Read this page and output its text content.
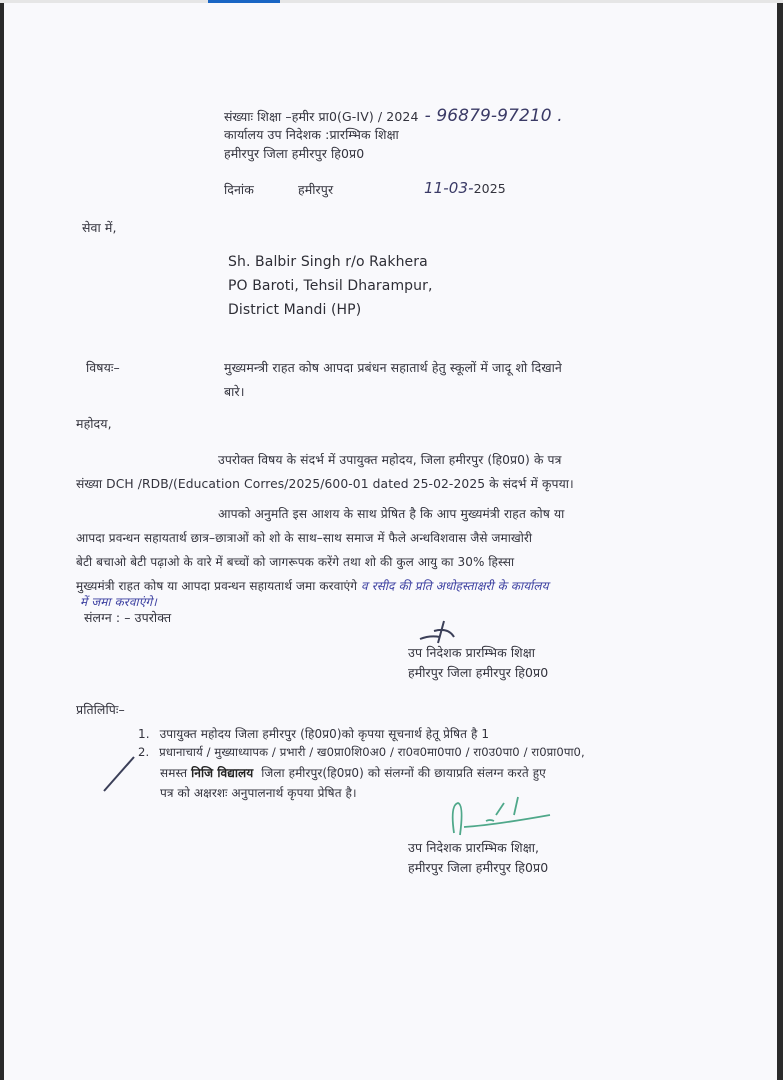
संख्याः शिक्षा –हमीर प्रा0(G-IV) / 2024 - 96879-97210 .
कार्यालय उप निदेशक :प्रारम्भिक शिक्षा
हमीरपुर जिला हमीरपुर हि0प्र0
दिनांक	हमीरपुर	11-03-2025
सेवा में,
Sh. Balbir Singh r/o Rakhera
PO Baroti, Tehsil Dharampur,
District Mandi (HP)
विषयः–	मुख्यमन्त्री राहत कोष आपदा प्रबंधन सहातार्थ हेतु स्कूलों में जादू शो दिखाने
बारे।
महोदय,
उपरोक्त विषय के संदर्भ में उपायुक्त महोदय, जिला हमीरपुर (हि0प्र0) के पत्र
संख्या DCH /RDB/(Education Corres/2025/600-01 dated 25-02-2025 के संदर्भ में कृपया।
आपको अनुमति इस आशय के साथ प्रेषित है कि आप मुख्यमंत्री राहत कोष या
आपदा प्रवन्धन सहायतार्थ छात्र–छात्राओं को शो के साथ–साथ समाज में फैले अन्धविशवास जैसे जमाखोरी
बेटी बचाओ बेटी पढ़ाओ के वारे में बच्चों को जागरूपक करेंगे तथा शो की कुल आयु का 30% हिस्सा
मुख्यमंत्री राहत कोष या आपदा प्रवन्धन सहायतार्थ जमा करवाएंगे व रसीद की प्रति अधोहस्ताक्षरी के कार्यालय
में जमा करवाएंगे।
संलग्न : – उपरोक्त
उप निदेशक प्रारम्भिक शिक्षा
हमीरपुर जिला हमीरपुर हि0प्र0
प्रतिलिपिः–
1. उपायुक्त महोदय जिला हमीरपुर (हि0प्र0)को कृपया सूचनार्थ हेतू प्रेषित है 1
2. प्रधानाचार्य / मुख्याध्यापक / प्रभारी / ख0प्रा0शि0अ0 / रा0व0मा0पा0 / रा0उ0पा0 / रा0प्रा0पा0,
समस्त निजि विद्यालय जिला हमीरपुर(हि0प्र0) को संलग्नों की छायाप्रति संलग्न करते हुए
पत्र को अक्षरशः अनुपालनार्थ कृपया प्रेषित है।
उप निदेशक प्रारम्भिक शिक्षा,
हमीरपुर जिला हमीरपुर हि0प्र0
